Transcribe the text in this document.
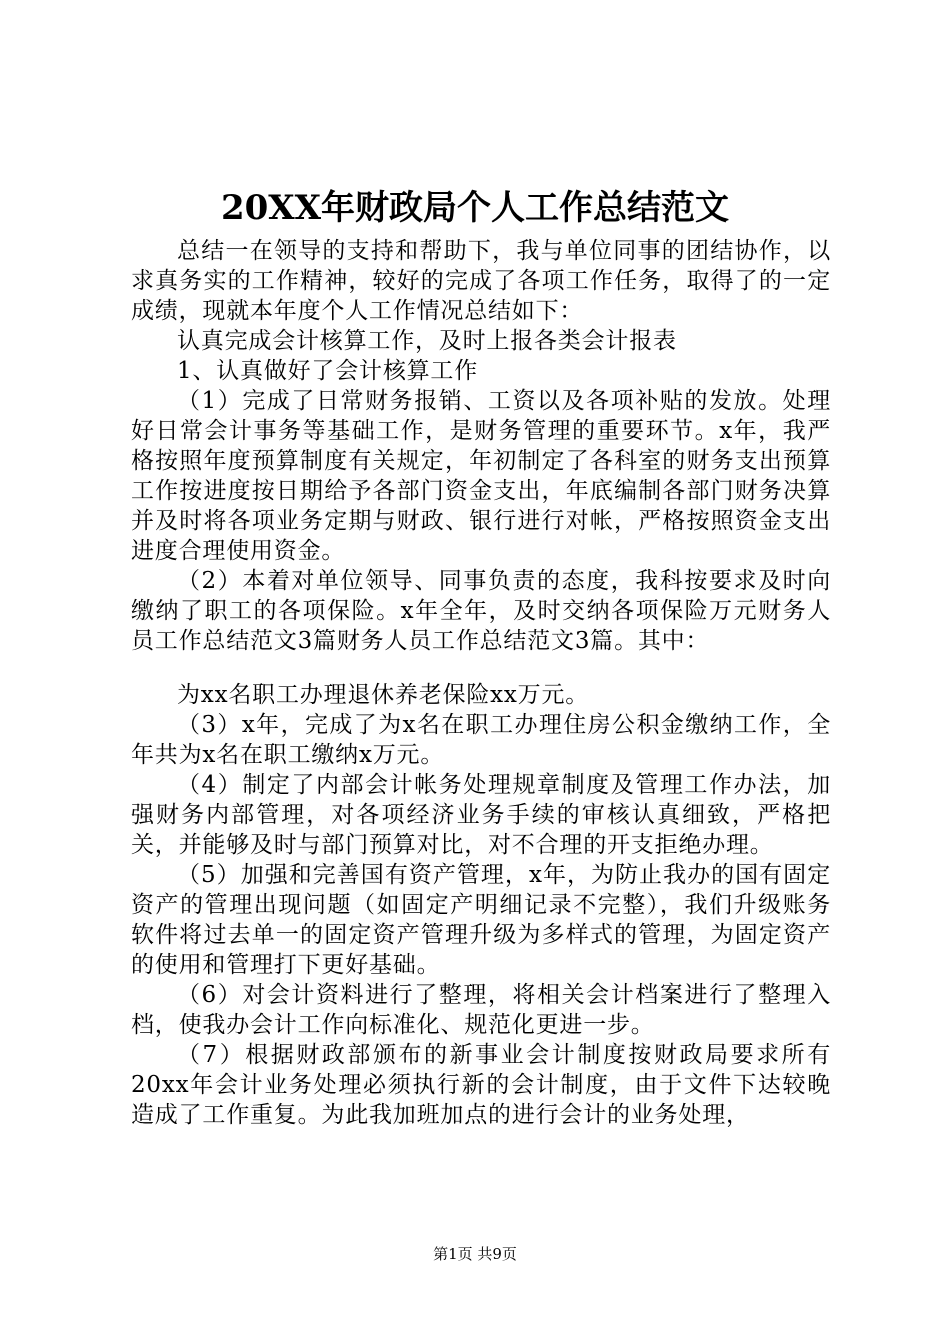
20XX年财政局个人工作总结范文

总结一在领导的支持和帮助下，我与单位同事的团结协作，以求真务实的工作精神，较好的完成了各项工作任务，取得了的一定成绩，现就本年度个人工作情况总结如下：

认真完成会计核算工作，及时上报各类会计报表

1、认真做好了会计核算工作

（1）完成了日常财务报销、工资以及各项补贴的发放。处理好日常会计事务等基础工作，是财务管理的重要环节。x年，我严格按照年度预算制度有关规定，年初制定了各科室的财务支出预算工作按进度按日期给予各部门资金支出，年底编制各部门财务决算并及时将各项业务定期与财政、银行进行对帐，严格按照资金支出进度合理使用资金。

（2）本着对单位领导、同事负责的态度，我科按要求及时向缴纳了职工的各项保险。x年全年，及时交纳各项保险万元财务人员工作总结范文3篇财务人员工作总结范文3篇。其中：

为xx名职工办理退休养老保险xx万元。

（3）x年，完成了为x名在职工办理住房公积金缴纳工作，全年共为x名在职工缴纳x万元。

（4）制定了内部会计帐务处理规章制度及管理工作办法，加强财务内部管理，对各项经济业务手续的审核认真细致，严格把关，并能够及时与部门预算对比，对不合理的开支拒绝办理。

（5）加强和完善国有资产管理，x年，为防止我办的国有固定资产的管理出现问题（如固定产明细记录不完整），我们升级账务软件将过去单一的固定资产管理升级为多样式的管理，为固定资产的使用和管理打下更好基础。

（6）对会计资料进行了整理，将相关会计档案进行了整理入档，使我办会计工作向标准化、规范化更进一步。

（7）根据财政部颁布的新事业会计制度按财政局要求所有20xx年会计业务处理必须执行新的会计制度，由于文件下达较晚造成了工作重复。为此我加班加点的进行会计的业务处理，

第1页 共9页
